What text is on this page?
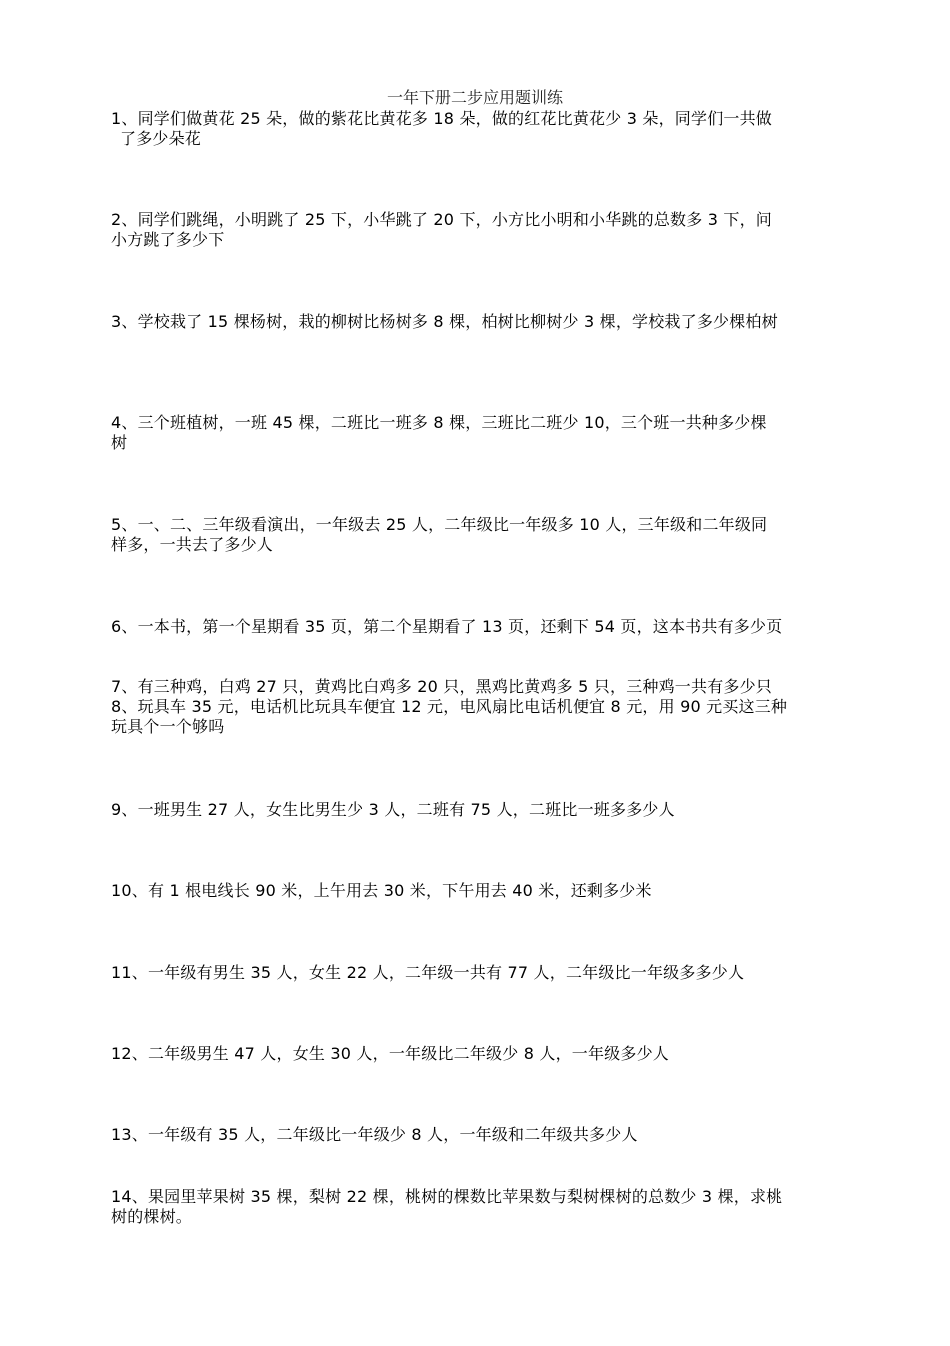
一年下册二步应用题训练
1、同学们做黄花 25 朵，做的紫花比黄花多 18 朵，做的红花比黄花少 3 朵，同学们一共做
了多少朵花
2、同学们跳绳，小明跳了 25 下，小华跳了 20 下，小方比小明和小华跳的总数多 3 下，问
小方跳了多少下
3、学校栽了 15 棵杨树，栽的柳树比杨树多 8 棵，柏树比柳树少 3 棵，学校栽了多少棵柏树
4、三个班植树，一班 45 棵，二班比一班多 8 棵，三班比二班少 10，三个班一共种多少棵
树
5、一、二、三年级看演出，一年级去 25 人，二年级比一年级多 10 人，三年级和二年级同
样多，一共去了多少人
6、一本书，第一个星期看 35 页，第二个星期看了 13 页，还剩下 54 页，这本书共有多少页
7、有三种鸡，白鸡 27 只，黄鸡比白鸡多 20 只，黑鸡比黄鸡多 5 只，三种鸡一共有多少只
8、玩具车 35 元，电话机比玩具车便宜 12 元，电风扇比电话机便宜 8 元，用 90 元买这三种
玩具个一个够吗
9、一班男生 27 人，女生比男生少 3 人，二班有 75 人，二班比一班多多少人
10、有 1 根电线长 90 米，上午用去 30 米，下午用去 40 米，还剩多少米
11、一年级有男生 35 人，女生 22 人，二年级一共有 77 人，二年级比一年级多多少人
12、二年级男生 47 人，女生 30 人，一年级比二年级少 8 人，一年级多少人
13、一年级有 35 人，二年级比一年级少 8 人，一年级和二年级共多少人
14、果园里苹果树 35 棵，梨树 22 棵，桃树的棵数比苹果数与梨树棵树的总数少 3 棵，求桃
树的棵树。
